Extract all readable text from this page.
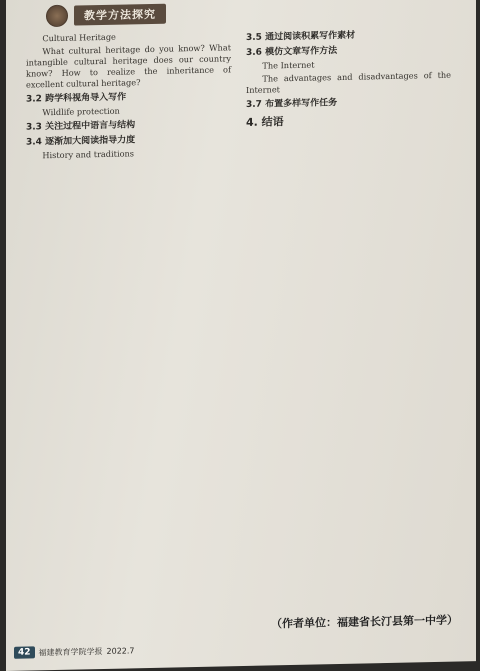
教学方法探究

Cultural Heritage

What cultural heritage do you know? What intangible cultural heritage does our country know? How to realize the inheritance of excellent cultural heritage?

3.2 跨学科视角导入写作

Wildlife protection

3.3 关注过程中语言与结构
3.4 逐渐加大阅读指导力度

History and traditions

3.5 通过阅读积累写作素材
3.6 模仿文章写作方法

The Internet

The advantages and disadvantages of the Internet

3.7 布置多样写作任务
4. 结语
（作者单位：福建省长汀县第一中学）
42	福建教育学院学报 2022.7
